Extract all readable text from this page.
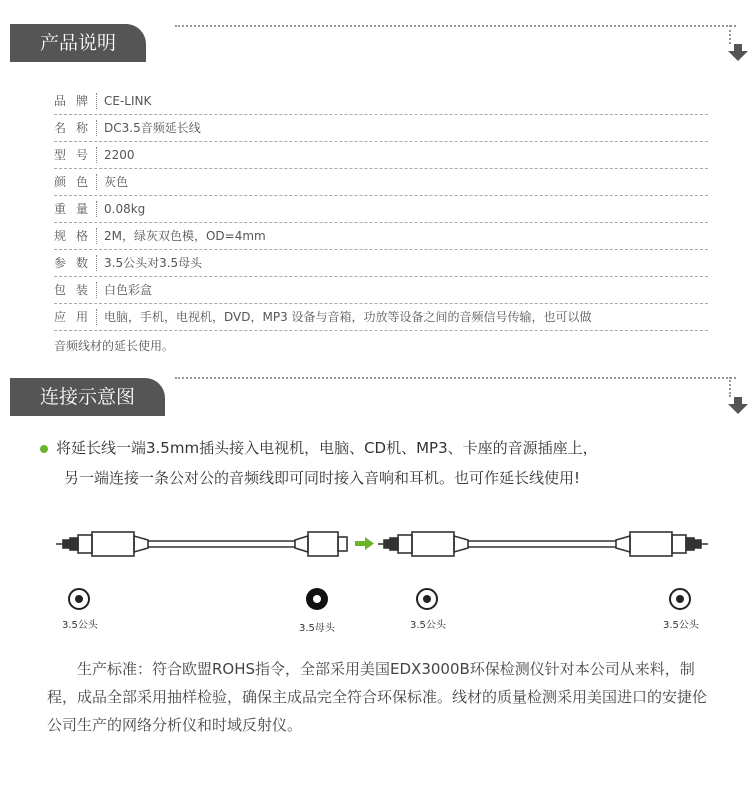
产品说明
品 牌	CE-LINK
名 称	DC3.5音频延长线
型 号	2200
颜 色	灰色
重 量	0.08kg
规 格	2M，绿灰双色模，OD=4mm
参 数	3.5公头对3.5母头
包 装	白色彩盒
应 用	电脑，手机，电视机，DVD，MP3 设备与音箱，功放等设备之间的音频信号传输，也可以做
音频线材的延长使用。
连接示意图

将延长线一端3.5mm插头接入电视机，电脑、CD机、MP3、卡座的音源插座上，

另一端连接一条公对公的音频线即可同时接入音响和耳机。也可作延长线使用!

3.5公头	3.5母头	3.5公头	3.5公头
生产标准：符合欧盟ROHS指令，全部采用美国EDX3000B环保检测仪针对本公司从来料，制程，成品全部采用抽样检验，确保主成品完全符合环保标准。线材的质量检测采用美国进口的安捷伦公司生产的网络分析仪和时域反射仪。
